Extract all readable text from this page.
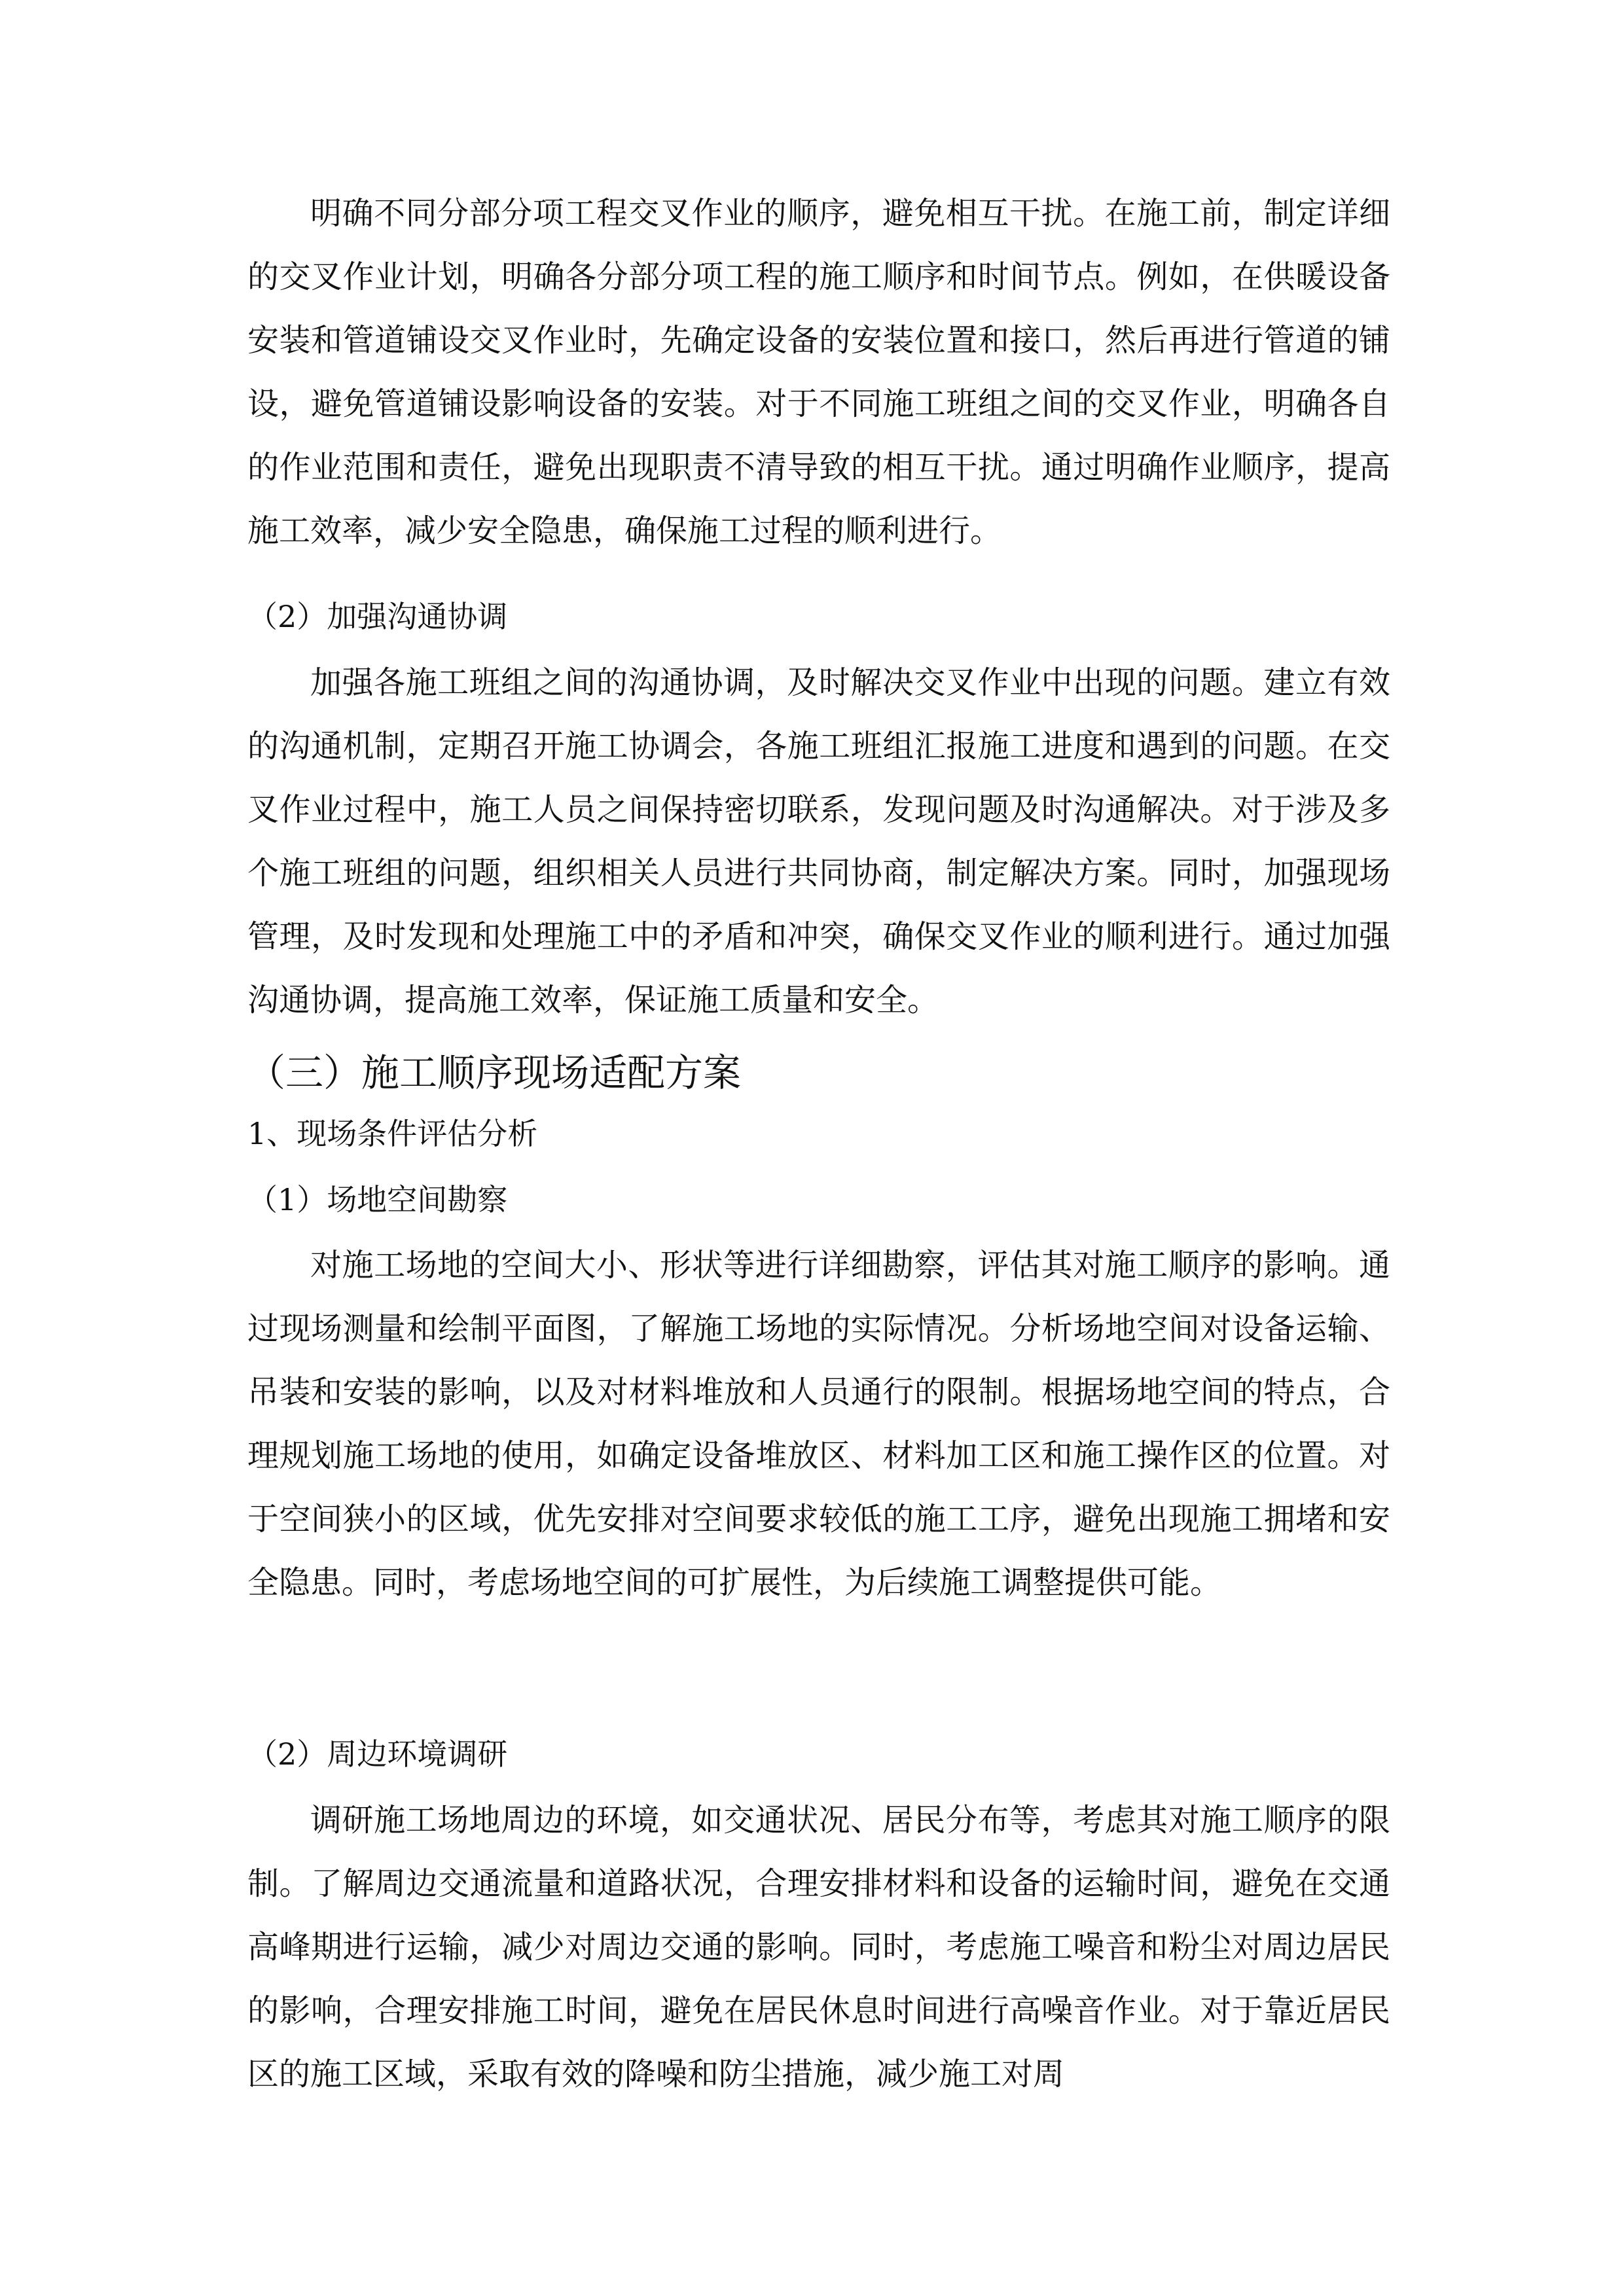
明确不同分部分项工程交叉作业的顺序，避免相互干扰。在施工前，制定详细的交叉作业计划，明确各分部分项工程的施工顺序和时间节点。例如，在供暖设备安装和管道铺设交叉作业时，先确定设备的安装位置和接口，然后再进行管道的铺设，避免管道铺设影响设备的安装。对于不同施工班组之间的交叉作业，明确各自的作业范围和责任，避免出现职责不清导致的相互干扰。通过明确作业顺序，提高施工效率，减少安全隐患，确保施工过程的顺利进行。

（2）加强沟通协调

加强各施工班组之间的沟通协调，及时解决交叉作业中出现的问题。建立有效的沟通机制，定期召开施工协调会，各施工班组汇报施工进度和遇到的问题。在交叉作业过程中，施工人员之间保持密切联系，发现问题及时沟通解决。对于涉及多个施工班组的问题，组织相关人员进行共同协商，制定解决方案。同时，加强现场管理，及时发现和处理施工中的矛盾和冲突，确保交叉作业的顺利进行。通过加强沟通协调，提高施工效率，保证施工质量和安全。

（三）施工顺序现场适配方案

1、现场条件评估分析

（1）场地空间勘察

对施工场地的空间大小、形状等进行详细勘察，评估其对施工顺序的影响。通过现场测量和绘制平面图，了解施工场地的实际情况。分析场地空间对设备运输、吊装和安装的影响，以及对材料堆放和人员通行的限制。根据场地空间的特点，合理规划施工场地的使用，如确定设备堆放区、材料加工区和施工操作区的位置。对于空间狭小的区域，优先安排对空间要求较低的施工工序，避免出现施工拥堵和安全隐患。同时，考虑场地空间的可扩展性，为后续施工调整提供可能。

（2）周边环境调研

调研施工场地周边的环境，如交通状况、居民分布等，考虑其对施工顺序的限制。了解周边交通流量和道路状况，合理安排材料和设备的运输时间，避免在交通高峰期进行运输，减少对周边交通的影响。同时，考虑施工噪音和粉尘对周边居民的影响，合理安排施工时间，避免在居民休息时间进行高噪音作业。对于靠近居民区的施工区域，采取有效的降噪和防尘措施，减少施工对周
